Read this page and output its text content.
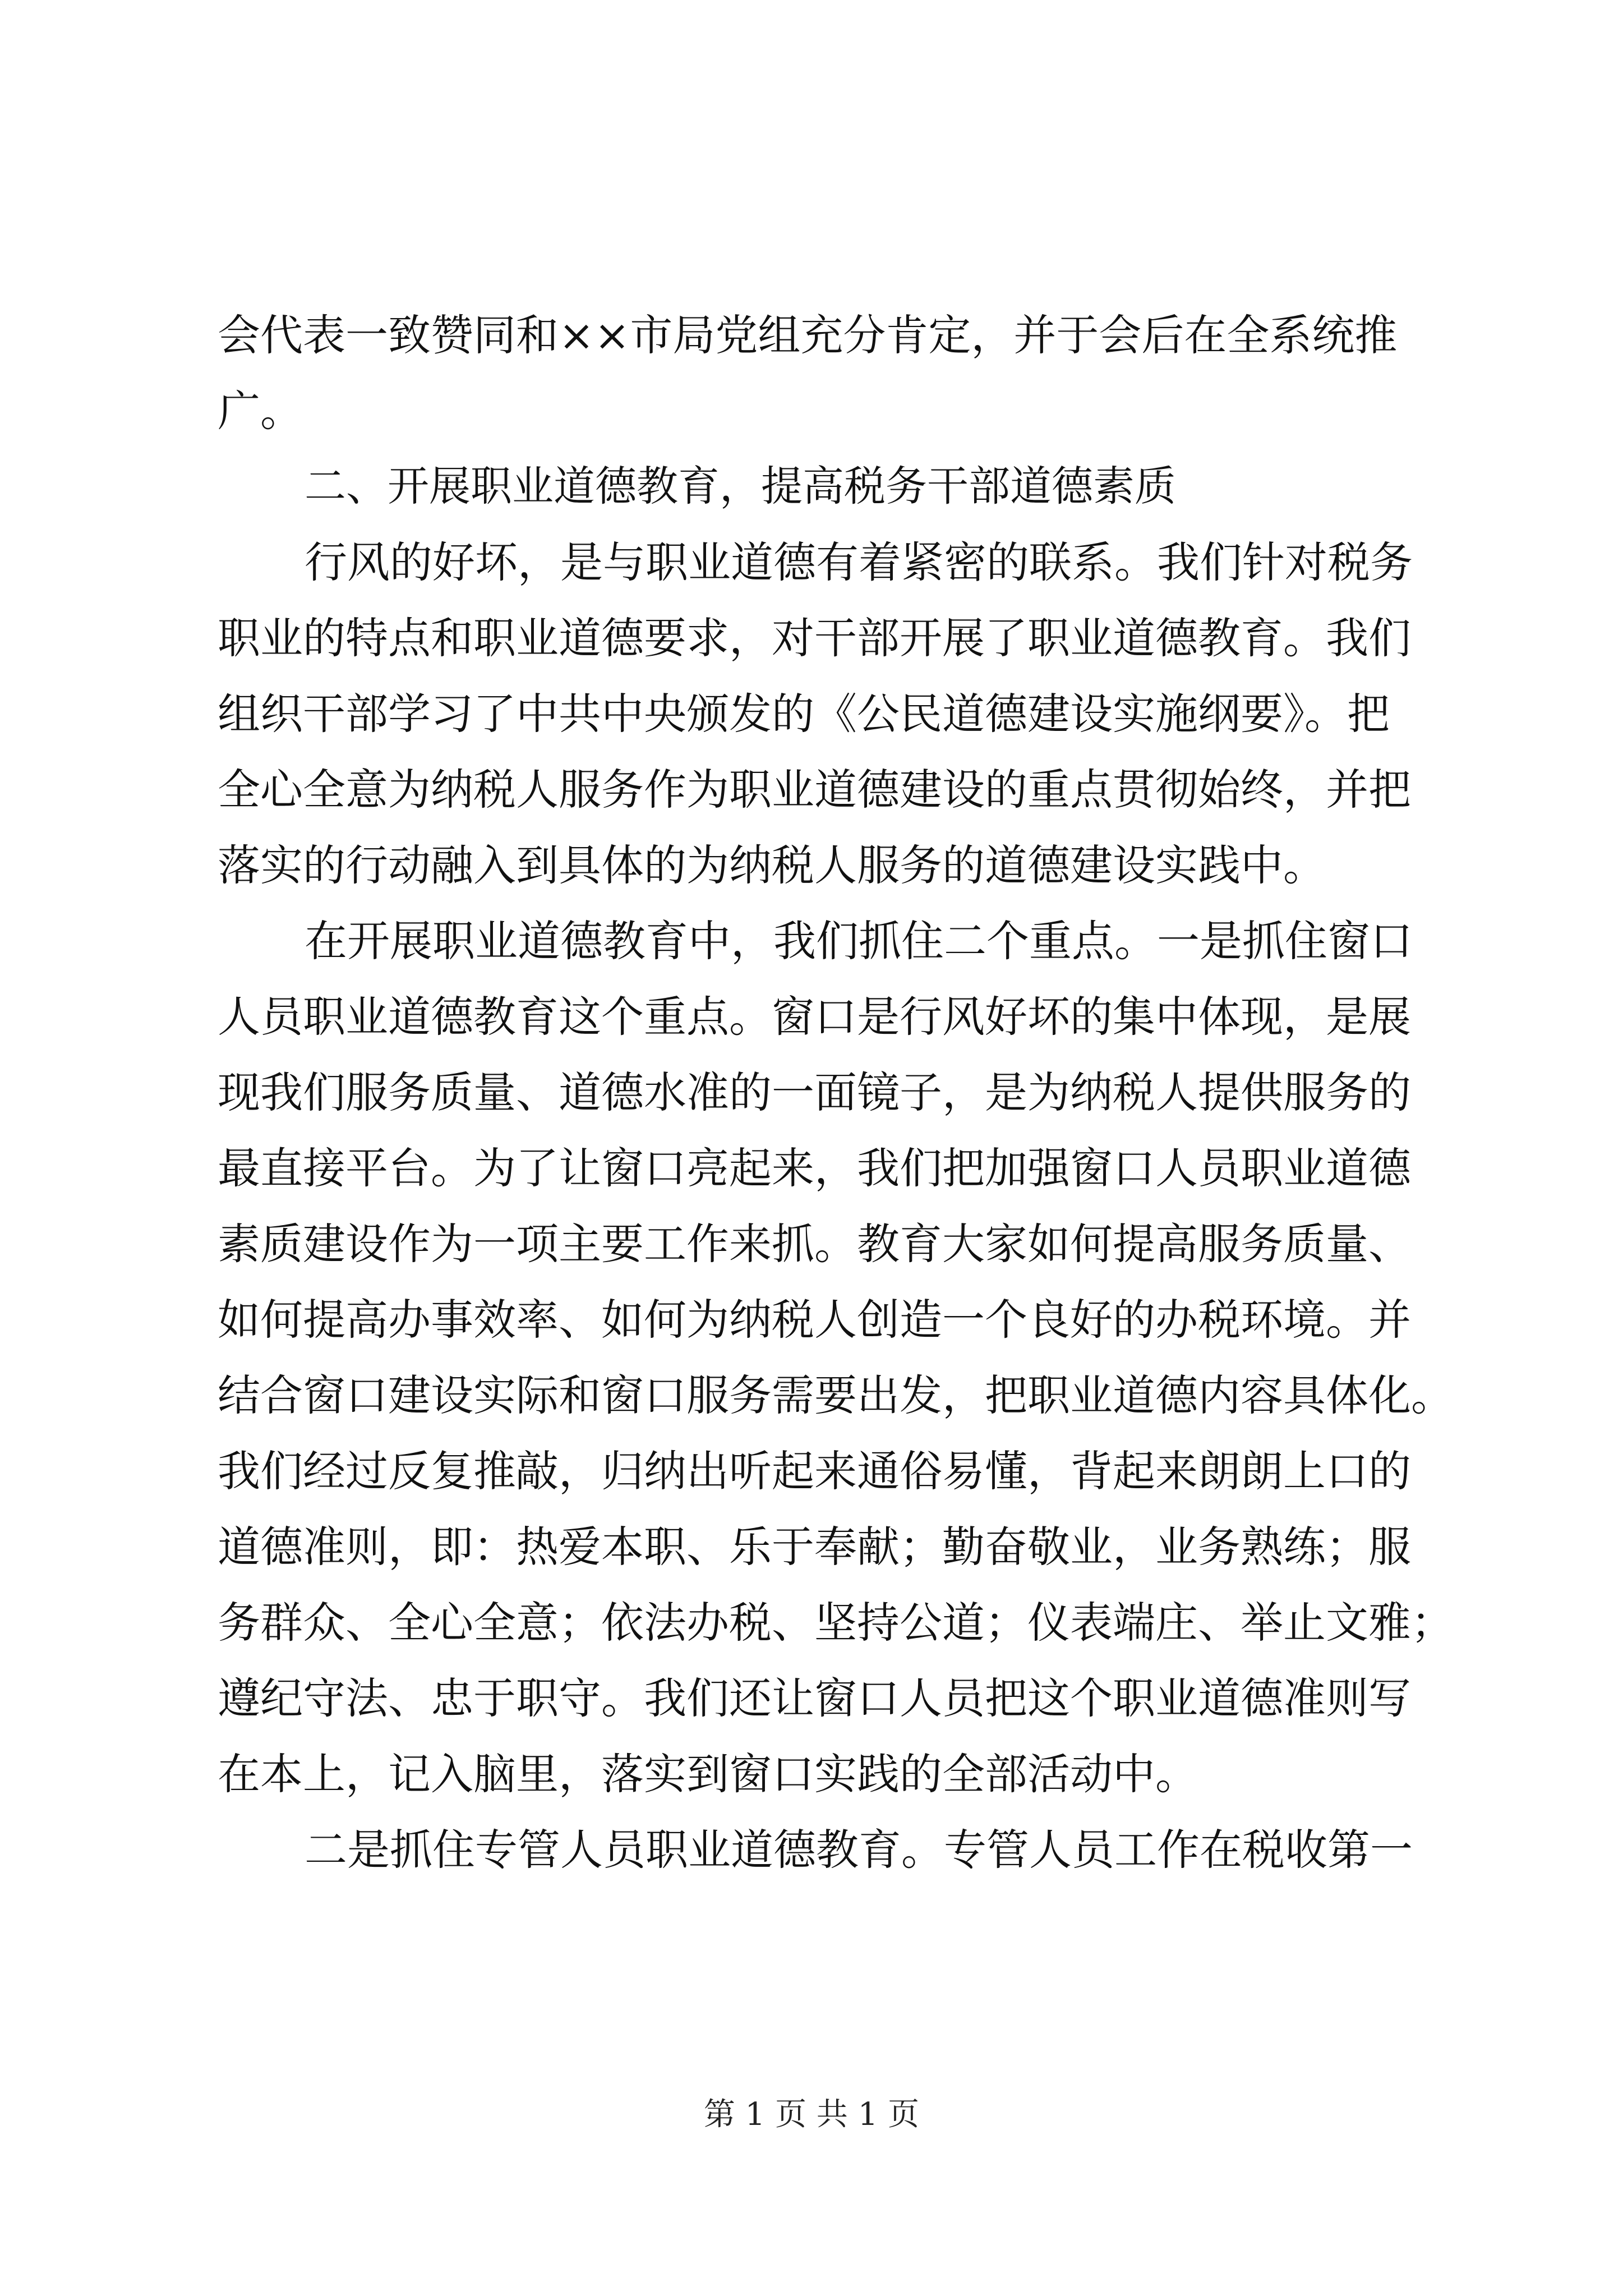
会代表一致赞同和××市局党组充分肯定，并于会后在全系统推
广。
二、开展职业道德教育，提高税务干部道德素质
行风的好坏，是与职业道德有着紧密的联系。我们针对税务
职业的特点和职业道德要求，对干部开展了职业道德教育。我们
组织干部学习了中共中央颁发的《公民道德建设实施纲要》。把
全心全意为纳税人服务作为职业道德建设的重点贯彻始终，并把
落实的行动融入到具体的为纳税人服务的道德建设实践中。
在开展职业道德教育中，我们抓住二个重点。一是抓住窗口
人员职业道德教育这个重点。窗口是行风好坏的集中体现，是展
现我们服务质量、道德水准的一面镜子，是为纳税人提供服务的
最直接平台。为了让窗口亮起来，我们把加强窗口人员职业道德
素质建设作为一项主要工作来抓。教育大家如何提高服务质量、
如何提高办事效率、如何为纳税人创造一个良好的办税环境。并
结合窗口建设实际和窗口服务需要出发，把职业道德内容具体化。
我们经过反复推敲，归纳出听起来通俗易懂，背起来朗朗上口的
道德准则，即：热爱本职、乐于奉献；勤奋敬业，业务熟练；服
务群众、全心全意；依法办税、坚持公道；仪表端庄、举止文雅；
遵纪守法、忠于职守。我们还让窗口人员把这个职业道德准则写
在本上，记入脑里，落实到窗口实践的全部活动中。
二是抓住专管人员职业道德教育。专管人员工作在税收第一
第 1 页 共 1 页
